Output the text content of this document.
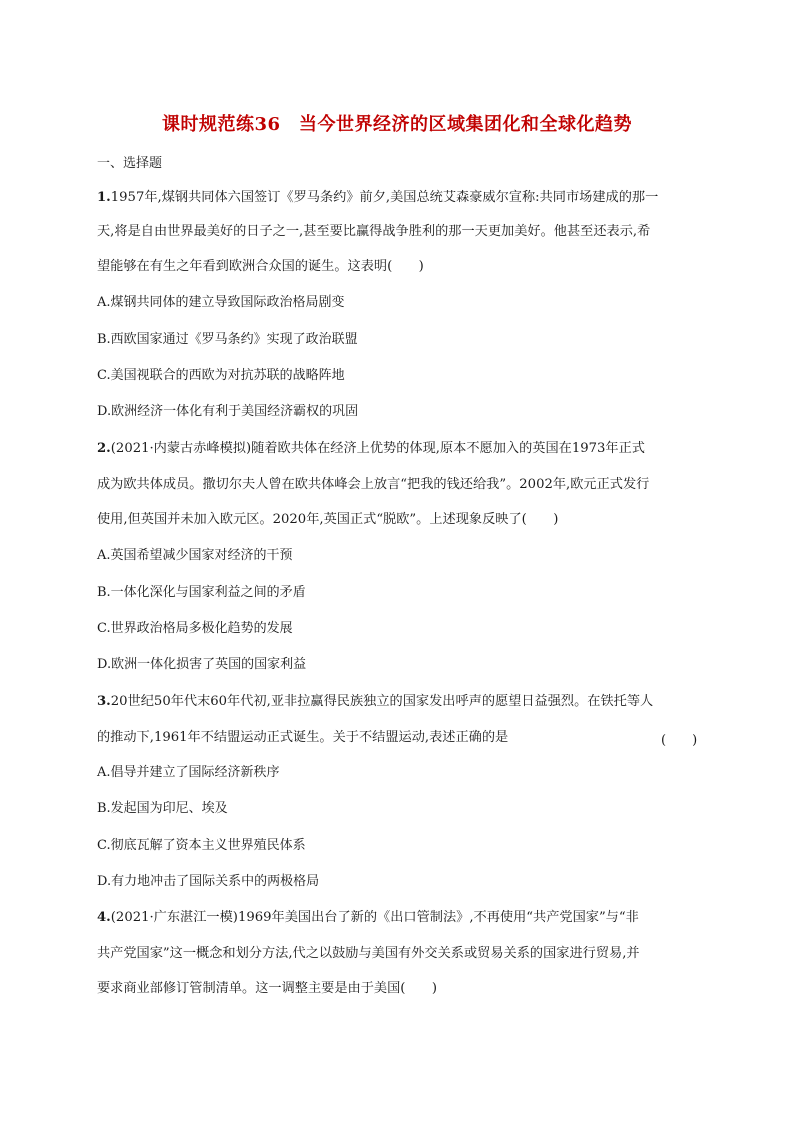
课时规范练36　当今世界经济的区域集团化和全球化趋势
一、选择题
1.1957年,煤钢共同体六国签订《罗马条约》前夕,美国总统艾森豪威尔宣称:共同市场建成的那一
天,将是自由世界最美好的日子之一,甚至要比赢得战争胜利的那一天更加美好。他甚至还表示,希
望能够在有生之年看到欧洲合众国的诞生。这表明(　　)
A.煤钢共同体的建立导致国际政治格局剧变
B.西欧国家通过《罗马条约》实现了政治联盟
C.美国视联合的西欧为对抗苏联的战略阵地
D.欧洲经济一体化有利于美国经济霸权的巩固
2.(2021·内蒙古赤峰模拟)随着欧共体在经济上优势的体现,原本不愿加入的英国在1973年正式
成为欧共体成员。撒切尔夫人曾在欧共体峰会上放言“把我的钱还给我”。2002年,欧元正式发行
使用,但英国并未加入欧元区。2020年,英国正式“脱欧”。上述现象反映了(　　)
A.英国希望减少国家对经济的干预
B.一体化深化与国家利益之间的矛盾
C.世界政治格局多极化趋势的发展
D.欧洲一体化损害了英国的国家利益
3.20世纪50年代末60年代初,亚非拉赢得民族独立的国家发出呼声的愿望日益强烈。在铁托等人
的推动下,1961年不结盟运动正式诞生。关于不结盟运动,表述正确的是	(　　)
A.倡导并建立了国际经济新秩序
B.发起国为印尼、埃及
C.彻底瓦解了资本主义世界殖民体系
D.有力地冲击了国际关系中的两极格局
4.(2021·广东湛江一模)1969年美国出台了新的《出口管制法》,不再使用“共产党国家”与“非
共产党国家”这一概念和划分方法,代之以鼓励与美国有外交关系或贸易关系的国家进行贸易,并
要求商业部修订管制清单。这一调整主要是由于美国(　　)
